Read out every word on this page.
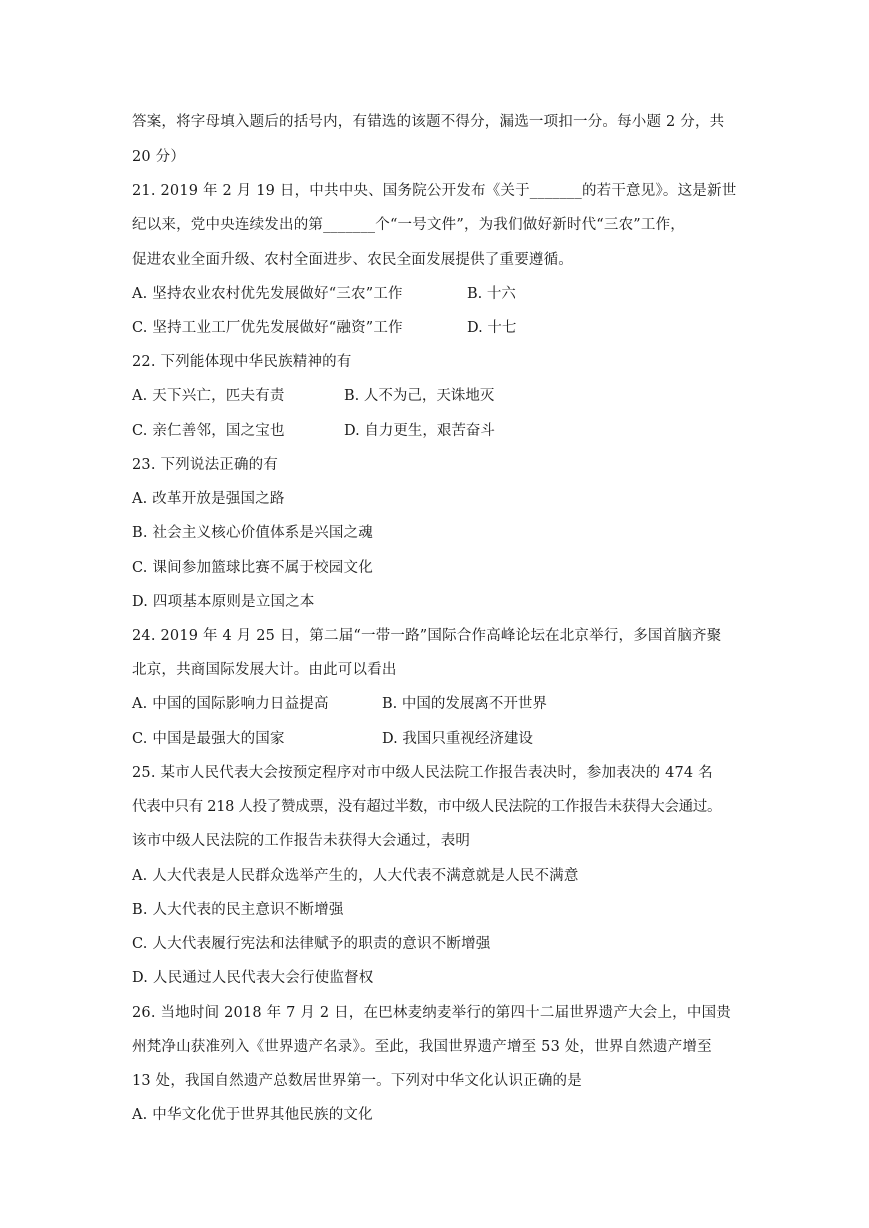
答案，将字母填入题后的括号内，有错选的该题不得分，漏选一项扣一分。每小题 2 分，共
20 分）
21. 2019 年 2 月 19 日，中共中央、国务院公开发布《关于_______的若干意见》。这是新世
纪以来，党中央连续发出的第_______个“一号文件”，为我们做好新时代“三农”工作，
促进农业全面升级、农村全面进步、农民全面发展提供了重要遵循。
A. 坚持农业农村优先发展做好“三农”工作	B. 十六
C. 坚持工业工厂优先发展做好“融资”工作	D. 十七
22. 下列能体现中华民族精神的有
A. 天下兴亡，匹夫有责	B. 人不为己，天诛地灭
C. 亲仁善邻，国之宝也	D. 自力更生，艰苦奋斗
23. 下列说法正确的有
A. 改革开放是强国之路
B. 社会主义核心价值体系是兴国之魂
C. 课间参加篮球比赛不属于校园文化
D. 四项基本原则是立国之本
24. 2019 年 4 月 25 日，第二届“一带一路”国际合作高峰论坛在北京举行，多国首脑齐聚
北京，共商国际发展大计。由此可以看出
A. 中国的国际影响力日益提高	B. 中国的发展离不开世界
C. 中国是最强大的国家	D. 我国只重视经济建设
25. 某市人民代表大会按预定程序对市中级人民法院工作报告表决时，参加表决的 474 名
代表中只有 218 人投了赞成票，没有超过半数，市中级人民法院的工作报告未获得大会通过。
该市中级人民法院的工作报告未获得大会通过，表明
A. 人大代表是人民群众选举产生的，人大代表不满意就是人民不满意
B. 人大代表的民主意识不断增强
C. 人大代表履行宪法和法律赋予的职责的意识不断增强
D. 人民通过人民代表大会行使监督权
26. 当地时间 2018 年 7 月 2 日，在巴林麦纳麦举行的第四十二届世界遗产大会上，中国贵
州梵净山获准列入《世界遗产名录》。至此，我国世界遗产增至 53 处，世界自然遗产增至
13 处，我国自然遗产总数居世界第一。下列对中华文化认识正确的是
A. 中华文化优于世界其他民族的文化
